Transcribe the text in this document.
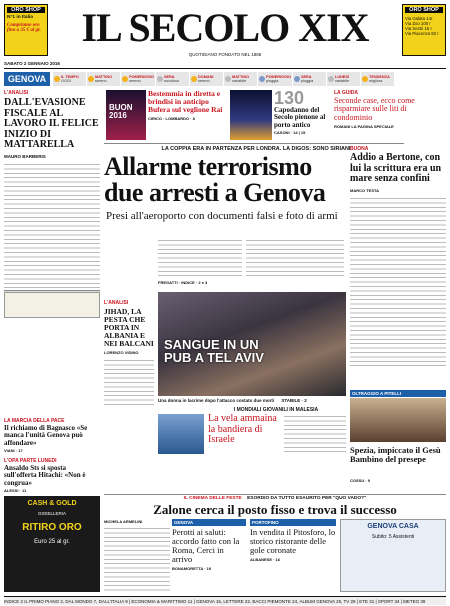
ORO SHOP
N°1 in Italia
Compriamo oro
fino a 35 € al gr.	IL SECOLO XIX
QUOTIDIANO FONDATO NEL 1886
ORO SHOP
Via Galata 14r
Via Zoo 100 r
Via Sestri 15 r
Via Piacenza 82 r
SABATO 2 GENNAIO 2016
GENOVA	IL TEMPO
OGGI
MATTINO
sereno
POMERIGGIO
sereno
SERA
nuvoloso
DOMANI
sereno
MATTINO
variabile
POMERIGGIO
pioggia
SERA
pioggia
LUNEDÌ
variabile
TENDENZA
migliora
L'ANALISI
DALL'EVASIONE FISCALE AL LAVORO IL FELICE INIZIO DI MATTARELLA
MAURO BARBERIS
BUON 2016
Bestemmia in diretta e brindisi in anticipo Bufera sul veglione Rai
CIRICO · LOMBARDO · 8
130
Capodanno del Secolo pienone al porto antico
CASONI · 14 | 15
LA GUIDA
Seconde case, ecco come risparmiare sulle liti di condominio
ROMANI LA PAGINA SPECIALE
LA COPPIA ERA IN PARTENZA PER LONDRA. LA DIGOS: SONO SIRIANI
Allarme terrorismo due arresti a Genova
Presi all'aeroporto con documenti falsi e foto di armi
FREGATTI · INDICE · 2 e 3
BUONA
Addio a Bertone, con lui la scrittura era un mare senza confini
MARCO TESTA
L'ANALISI
JIHAD, LA PESTA CHE PORTA IN ALBANIA E NEI BALCANI
LORENZO VIDINO
SANGUE IN UN PUB A TEL AVIV
Una donna in lacrime dopo l'attacco costato due morti STABILE · 2
I MONDIALI GIOVANILI IN MALESIA
La vela ammaina la bandiera di Israele
LA MARCIA DELLA PACE
Il richiamo di Bagnasco «Se manca l'unità Genova può affondare»
VIANI · 17
L'OPA PARTE LUNEDÌ
Ansaldo Sts si sposta sull'offerta Hitachi: «Non è congrua»
ALESSI · 11
OLTRAGGIO A PITELLI
Spezia, impiccato il Gesù Bambino del presepe
COSSU · 9
IL CINEMA DELLE FESTE ESORDIO DA TUTTO ESAURITO PER "QUO VADO?"
Zalone cerca il posto fisso e trova il successo
MICHELA ARMELINI	GENOVA
Perotti ai saluti: accordo fatto con la Roma, Cerci in arrivo
BONAMORETTA · 19
PORTOFINO
In vendita il Pitosforo, lo storico ristorante delle gole coronate
ALBANESE · 16
CASH & GOLD
GIOIELLERIA
RITIRO ORO
Euro 25 al gr.
GENOVA CASA
Subito: 5 Assistenti
INDICE 2 IL PRIMO PIANO 2, DAL MONDO 7, DALL'ITALIA 9 | ECONOMIA & MARITTIMO 11 | GENOVA 15, LETTERE 22, BACCI PIEMONTE 24, ALBUM GENOVA 25, TV 29 | ETE 31 | SPORT 34 | METEO 39
